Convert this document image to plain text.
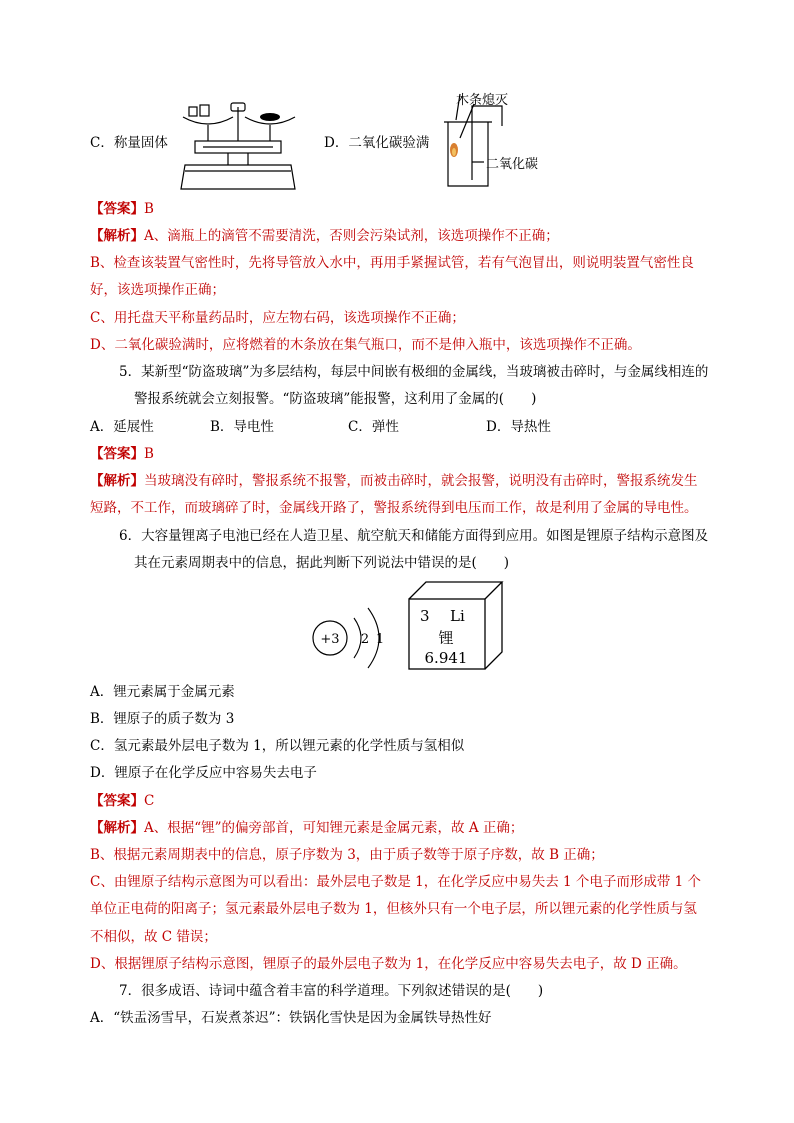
C．称量固体	D．二氧化碳验满
木条熄灭
二氧化碳
【答案】B
【解析】A、滴瓶上的滴管不需要清洗，否则会污染试剂，该选项操作不正确；
B、检查该装置气密性时，先将导管放入水中，再用手紧握试管，若有气泡冒出，则说明装置气密性良
好，该选项操作正确；
C、用托盘天平称量药品时，应左物右码，该选项操作不正确；
D、二氧化碳验满时，应将燃着的木条放在集气瓶口，而不是伸入瓶中，该选项操作不正确。
5．某新型“防盗玻璃”为多层结构，每层中间嵌有极细的金属线，当玻璃被击碎时，与金属线相连的
警报系统就会立刻报警。“防盗玻璃”能报警，这利用了金属的(　　)
A．延展性	B．导电性	C．弹性	D．导热性
【答案】B
【解析】当玻璃没有碎时，警报系统不报警，而被击碎时，就会报警，说明没有击碎时，警报系统发生
短路，不工作，而玻璃碎了时，金属线开路了，警报系统得到电压而工作，故是利用了金属的导电性。
6．大容量锂离子电池已经在人造卫星、航空航天和储能方面得到应用。如图是锂原子结构示意图及
其在元素周期表中的信息，据此判断下列说法中错误的是(　　)
+3 2 1
3 Li
锂
6.941
A．锂元素属于金属元素
B．锂原子的质子数为 3
C．氢元素最外层电子数为 1，所以锂元素的化学性质与氢相似
D．锂原子在化学反应中容易失去电子
【答案】C
【解析】A、根据“锂”的偏旁部首，可知锂元素是金属元素，故 A 正确；
B、根据元素周期表中的信息，原子序数为 3，由于质子数等于原子序数，故 B 正确；
C、由锂原子结构示意图为可以看出：最外层电子数是 1，在化学反应中易失去 1 个电子而形成带 1 个
单位正电荷的阳离子；氢元素最外层电子数为 1，但核外只有一个电子层，所以锂元素的化学性质与氢
不相似，故 C 错误；
D、根据锂原子结构示意图，锂原子的最外层电子数为 1，在化学反应中容易失去电子，故 D 正确。
7．很多成语、诗词中蕴含着丰富的科学道理。下列叙述错误的是(　　)
A．“铁盂汤雪早，石炭煮茶迟”：铁锅化雪快是因为金属铁导热性好
